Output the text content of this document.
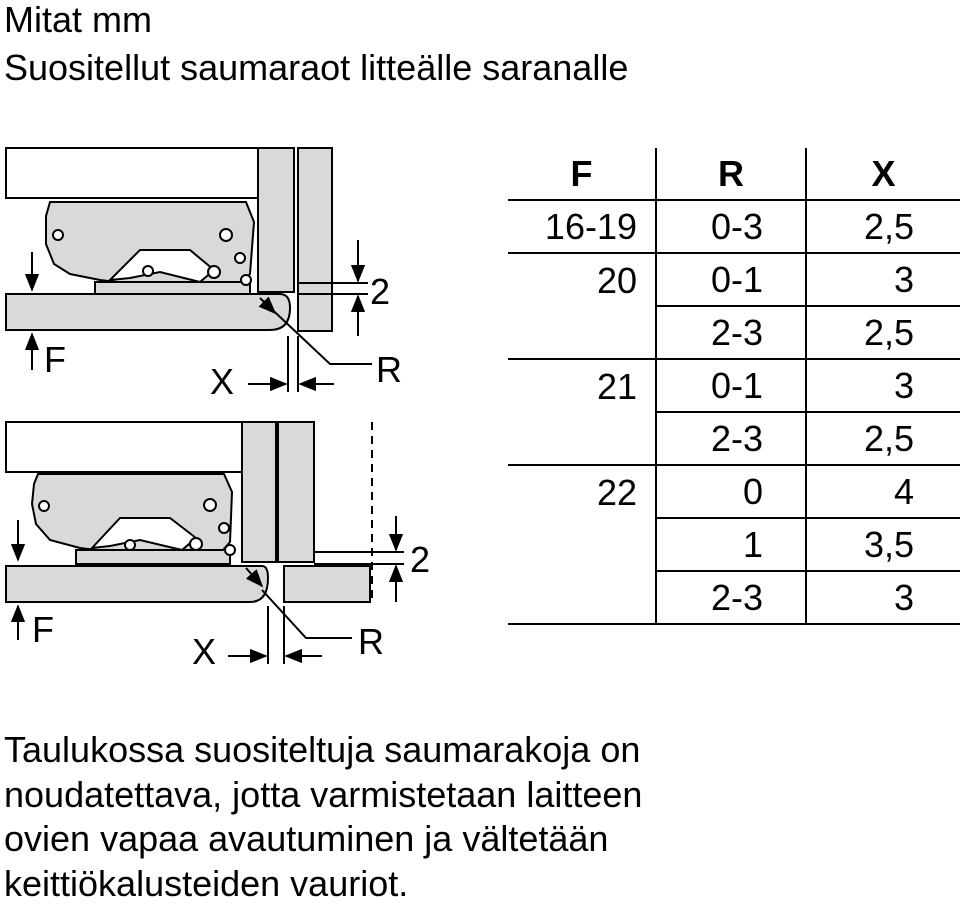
Mitat mm
Suositellut saumaraot litteälle saranalle
F
X	R
2
F
X	R
2
F	R	X
16-19	0-3	2,5
20	0-1	3
	2-3	2,5
21	0-1	3
	2-3	2,5
22	0	4
	1	3,5
	2-3	3

Taulukossa suositeltuja saumarakoja on
noudatettava, jotta varmistetaan laitteen
ovien vapaa avautuminen ja vältetään
keittiökalusteiden vauriot.
